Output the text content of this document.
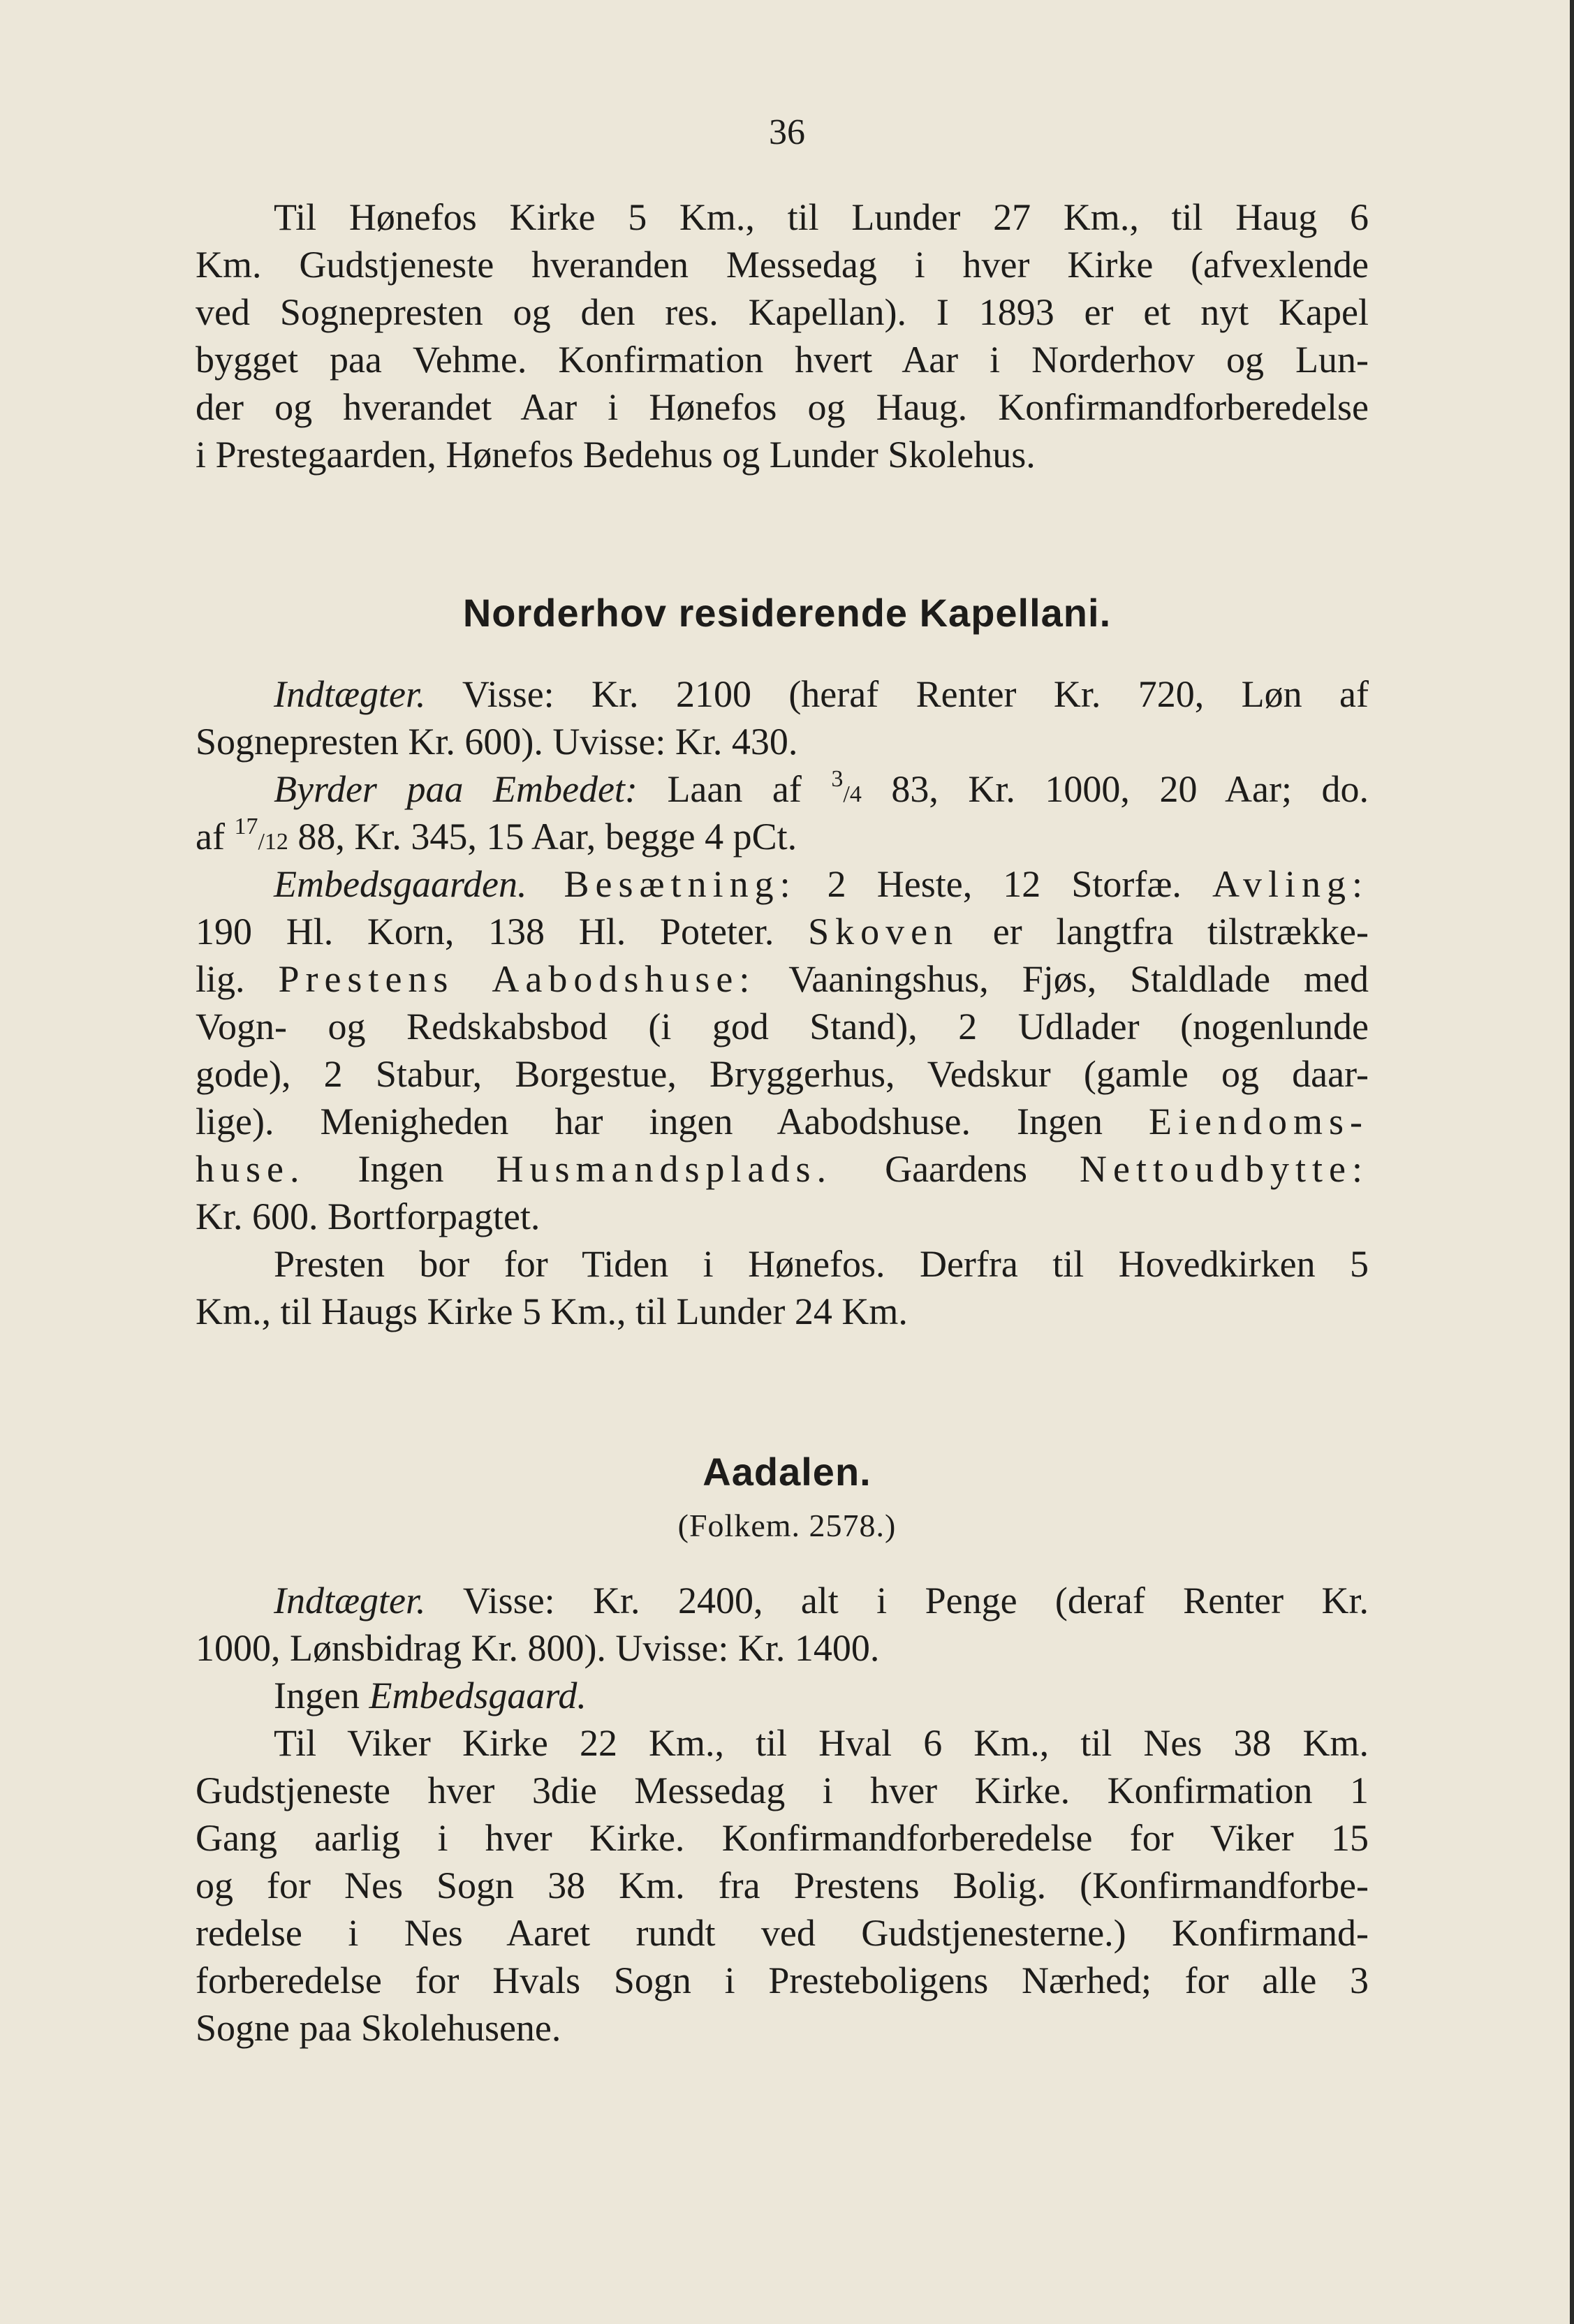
36

Til Hønefos Kirke 5 Km., til Lunder 27 Km., til Haug 6

Km. Gudstjeneste hveranden Messedag i hver Kirke (afvexlende

ved Sognepresten og den res. Kapellan). I 1893 er et nyt Kapel

bygget paa Vehme. Konfirmation hvert Aar i Norderhov og Lun-

der og hverandet Aar i Hønefos og Haug. Konfirmandforberedelse

i Prestegaarden, Hønefos Bedehus og Lunder Skolehus.

Norderhov residerende Kapellani.

Indtægter. Visse: Kr. 2100 (heraf Renter Kr. 720, Løn af

Sognepresten Kr. 600). Uvisse: Kr. 430.

Byrder paa Embedet: Laan af $^3$/4 83, Kr. 1000, 20 Aar; do.

af $^{17}$/12 88, Kr. 345, 15 Aar, begge 4 pCt.

Embedsgaarden. Besætning: 2 Heste, 12 Storfæ. Avling:

190 Hl. Korn, 138 Hl. Poteter. Skoven er langtfra tilstrække-

lig. Prestens Aabodshuse: Vaaningshus, Fjøs, Staldlade med

Vogn- og Redskabsbod (i god Stand), 2 Udlader (nogenlunde

gode), 2 Stabur, Borgestue, Bryggerhus, Vedskur (gamle og daar-

lige). Menigheden har ingen Aabodshuse. Ingen Eiendoms-

huse. Ingen Husmandsplads. Gaardens Nettoudbytte:

Kr. 600. Bortforpagtet.

Presten bor for Tiden i Hønefos. Derfra til Hovedkirken 5

Km., til Haugs Kirke 5 Km., til Lunder 24 Km.

Aadalen.
(Folkem. 2578.)

Indtægter. Visse: Kr. 2400, alt i Penge (deraf Renter Kr.

1000, Lønsbidrag Kr. 800). Uvisse: Kr. 1400.

Ingen Embedsgaard.

Til Viker Kirke 22 Km., til Hval 6 Km., til Nes 38 Km.

Gudstjeneste hver 3die Messedag i hver Kirke. Konfirmation 1

Gang aarlig i hver Kirke. Konfirmandforberedelse for Viker 15

og for Nes Sogn 38 Km. fra Prestens Bolig. (Konfirmandforbe-

redelse i Nes Aaret rundt ved Gudstjenesterne.) Konfirmand-

forberedelse for Hvals Sogn i Presteboligens Nærhed; for alle 3

Sogne paa Skolehusene.
